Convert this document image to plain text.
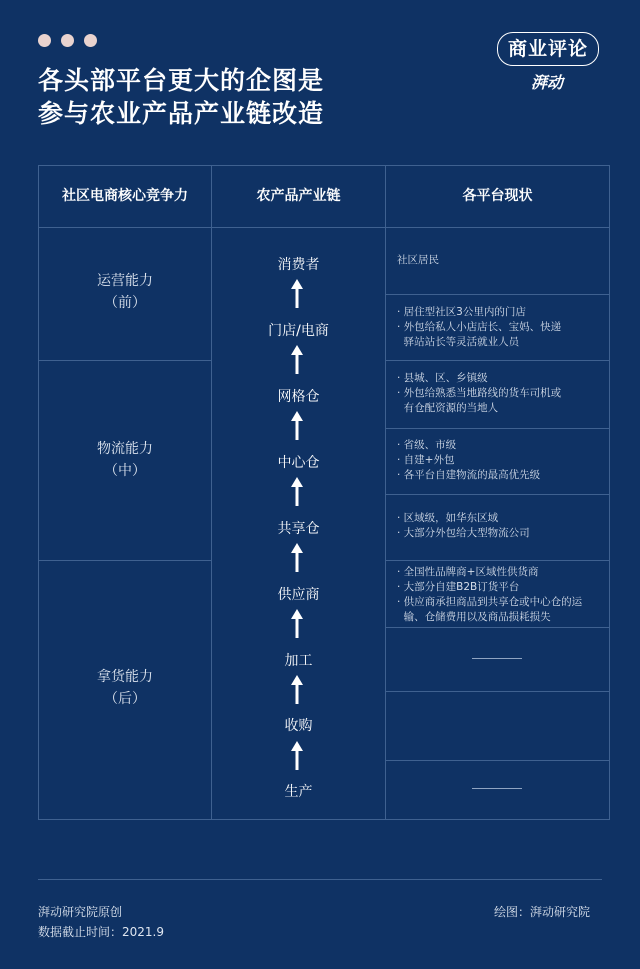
商业评论
湃动
各头部平台更大的企图是
参与农业产品产业链改造
社区电商核心竞争力	农产品产业链	各平台现状
运营能力
（前）
物流能力
（中）
拿货能力
（后）
消费者
门店/电商
网格仓
中心仓
共享仓
供应商
加工
收购
生产
社区居民
· 居住型社区3公里内的门店
· 外包给私人小店店长、宝妈、快递
驿站站长等灵活就业人员
· 县城、区、乡镇级
· 外包给熟悉当地路线的货车司机或
有仓配资源的当地人
· 省级、市级
· 自建+外包
· 各平台自建物流的最高优先级
· 区域级，如华东区域
· 大部分外包给大型物流公司
· 全国性品牌商+区域性供货商
· 大部分自建B2B订货平台
· 供应商承担商品到共享仓或中心仓的运
输、仓储费用以及商品损耗损失
湃动研究院原创
数据截止时间：2021.9
绘图：湃动研究院
